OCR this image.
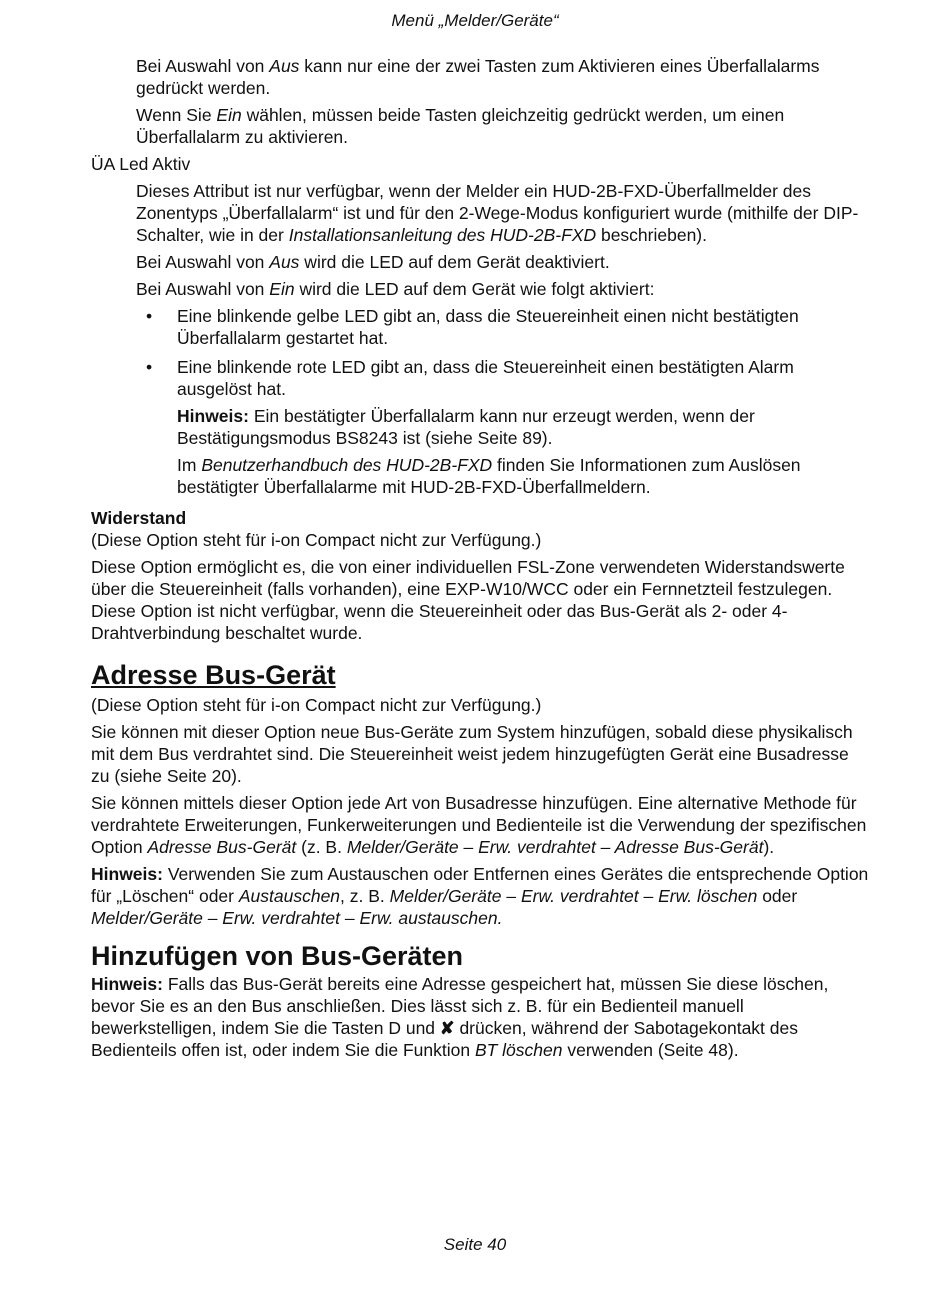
Menü „Melder/Geräte“

Bei Auswahl von Aus kann nur eine der zwei Tasten zum Aktivieren eines Überfallalarms gedrückt werden.

Wenn Sie Ein wählen, müssen beide Tasten gleichzeitig gedrückt werden, um einen Überfallalarm zu aktivieren.

ÜA Led Aktiv

Dieses Attribut ist nur verfügbar, wenn der Melder ein HUD-2B-FXD-Überfallmelder des Zonentyps „Überfallalarm“ ist und für den 2-Wege-Modus konfiguriert wurde (mithilfe der DIP-Schalter, wie in der Installationsanleitung des HUD-2B-FXD beschrieben).

Bei Auswahl von Aus wird die LED auf dem Gerät deaktiviert.

Bei Auswahl von Ein wird die LED auf dem Gerät wie folgt aktiviert:

• Eine blinkende gelbe LED gibt an, dass die Steuereinheit einen nicht bestätigten Überfallalarm gestartet hat.
• Eine blinkende rote LED gibt an, dass die Steuereinheit einen bestätigten Alarm ausgelöst hat.

Hinweis: Ein bestätigter Überfallalarm kann nur erzeugt werden, wenn der Bestätigungsmodus BS8243 ist (siehe Seite 89).

Im Benutzerhandbuch des HUD-2B-FXD finden Sie Informationen zum Auslösen bestätigter Überfallalarme mit HUD-2B-FXD-Überfallmeldern.

Widerstand

(Diese Option steht für i-on Compact nicht zur Verfügung.)

Diese Option ermöglicht es, die von einer individuellen FSL-Zone verwendeten Widerstandswerte über die Steuereinheit (falls vorhanden), eine EXP-W10/WCC oder ein Fernnetzteil festzulegen. Diese Option ist nicht verfügbar, wenn die Steuereinheit oder das Bus-Gerät als 2- oder 4-Drahtverbindung beschaltet wurde.

Adresse Bus-Gerät

(Diese Option steht für i-on Compact nicht zur Verfügung.)

Sie können mit dieser Option neue Bus-Geräte zum System hinzufügen, sobald diese physikalisch mit dem Bus verdrahtet sind. Die Steuereinheit weist jedem hinzugefügten Gerät eine Busadresse zu (siehe Seite 20).

Sie können mittels dieser Option jede Art von Busadresse hinzufügen. Eine alternative Methode für verdrahtete Erweiterungen, Funkerweiterungen und Bedienteile ist die Verwendung der spezifischen Option Adresse Bus-Gerät (z. B. Melder/Geräte – Erw. verdrahtet – Adresse Bus-Gerät).

Hinweis: Verwenden Sie zum Austauschen oder Entfernen eines Gerätes die entsprechende Option für „Löschen“ oder Austauschen, z. B. Melder/Geräte – Erw. verdrahtet – Erw. löschen oder Melder/Geräte – Erw. verdrahtet – Erw. austauschen.

Hinzufügen von Bus-Geräten

Hinweis: Falls das Bus-Gerät bereits eine Adresse gespeichert hat, müssen Sie diese löschen, bevor Sie es an den Bus anschließen. Dies lässt sich z. B. für ein Bedienteil manuell bewerkstelligen, indem Sie die Tasten D und ✘ drücken, während der Sabotagekontakt des Bedienteils offen ist, oder indem Sie die Funktion BT löschen verwenden (Seite 48).

Seite 40
